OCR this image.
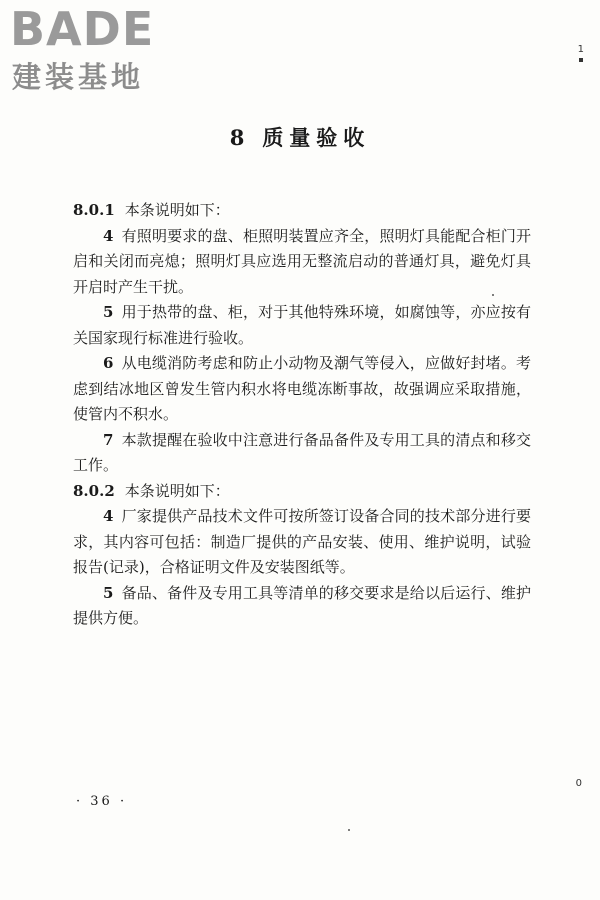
BADE
建装基地
1
0
8 质量验收

8.0.1 本条说明如下：

4 有照明要求的盘、柜照明装置应齐全，照明灯具能配合柜门开启和关闭而亮熄；照明灯具应选用无整流启动的普通灯具，避免灯具开启时产生干扰。

5 用于热带的盘、柜，对于其他特殊环境，如腐蚀等，亦应按有关国家现行标准进行验收。

6 从电缆消防考虑和防止小动物及潮气等侵入，应做好封堵。考虑到结冰地区曾发生管内积水将电缆冻断事故，故强调应采取措施，使管内不积水。

7 本款提醒在验收中注意进行备品备件及专用工具的清点和移交工作。

8.0.2 本条说明如下：

4 厂家提供产品技术文件可按所签订设备合同的技术部分进行要求，其内容可包括：制造厂提供的产品安装、使用、维护说明，试验报告(记录)，合格证明文件及安装图纸等。

5 备品、备件及专用工具等清单的移交要求是给以后运行、维护提供方便。

· 36 ·
